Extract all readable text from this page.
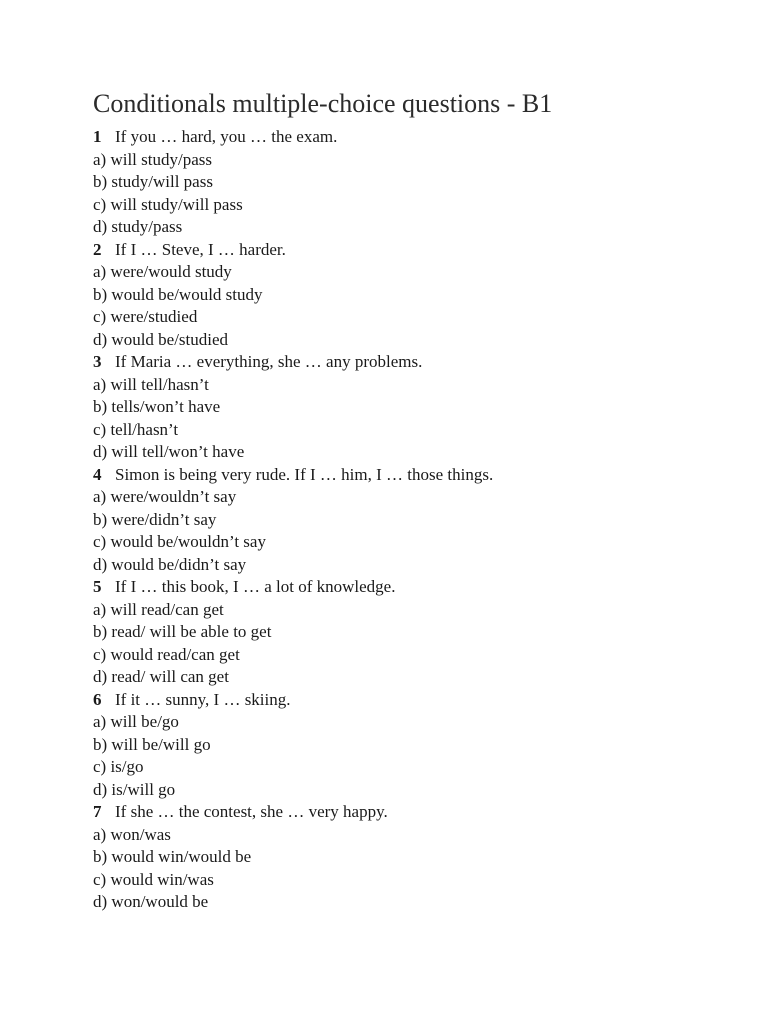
Conditionals multiple-choice questions - B1
1 If you … hard, you … the exam.
a) will study/pass
b) study/will pass
c) will study/will pass
d) study/pass
2 If I … Steve, I … harder.
a) were/would study
b) would be/would study
c) were/studied
d) would be/studied
3 If Maria … everything, she … any problems.
a) will tell/hasn’t
b) tells/won’t have
c) tell/hasn’t
d) will tell/won’t have
4 Simon is being very rude. If I … him, I … those things.
a) were/wouldn’t say
b) were/didn’t say
c) would be/wouldn’t say
d) would be/didn’t say
5 If I … this book, I … a lot of knowledge.
a) will read/can get
b) read/ will be able to get
c) would read/can get
d) read/ will can get
6 If it … sunny, I … skiing.
a) will be/go
b) will be/will go
c) is/go
d) is/will go
7 If she … the contest, she … very happy.
a) won/was
b) would win/would be
c) would win/was
d) won/would be
